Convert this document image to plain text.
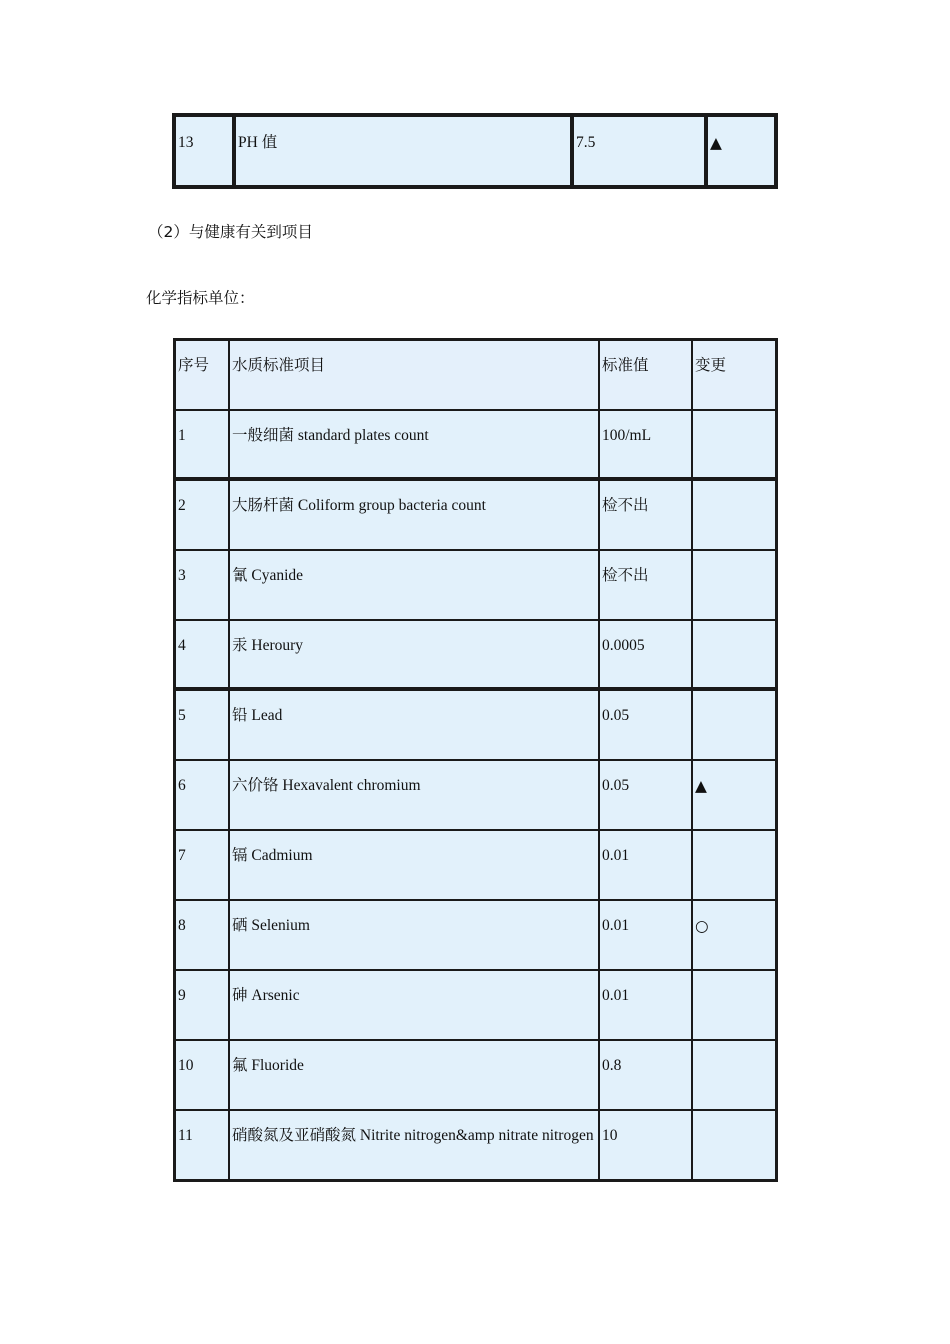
13	PH 值	7.5	▲
（2）与健康有关到项目
化学指标单位：
序号	水质标准项目	标准值	变更
1	一般细菌 standard plates count	100/mL	
2	大肠杆菌 Coliform group bacteria count	检不出	
3	氰 Cyanide	检不出	
4	汞 Heroury	0.0005	
5	铅 Lead	0.05	
6	六价铬 Hexavalent chromium	0.05	▲
7	镉 Cadmium	0.01	
8	硒 Selenium	0.01	○
9	砷 Arsenic	0.01	
10	氟 Fluoride	0.8	
11	硝酸氮及亚硝酸氮 Nitrite nitrogen&amp nitrate nitrogen	10	
